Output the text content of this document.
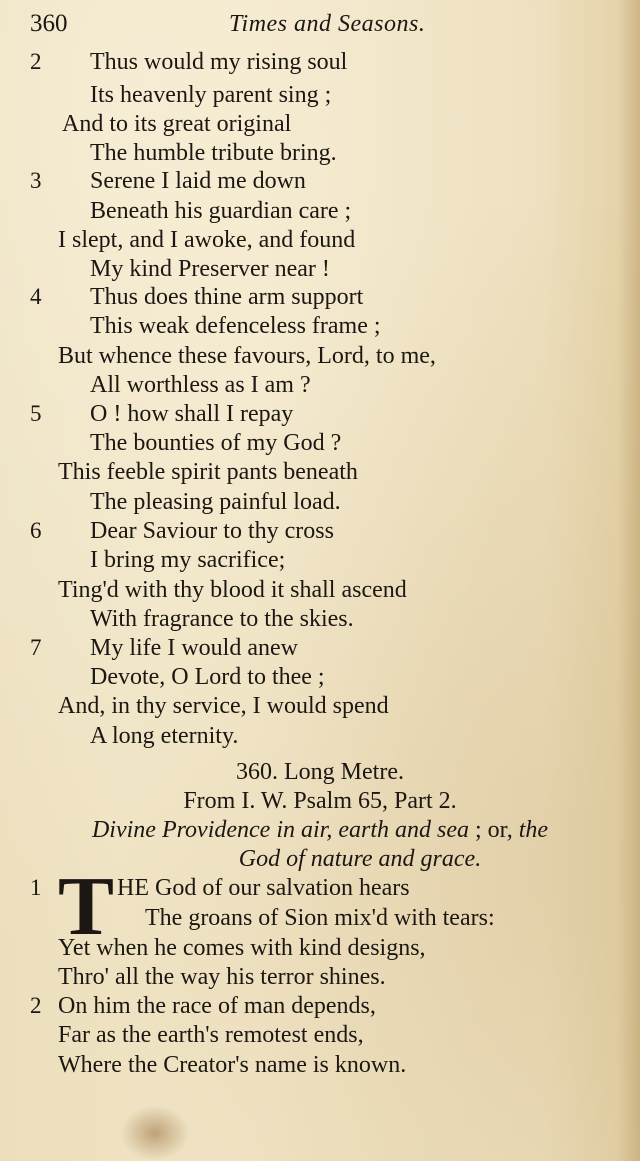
360	Times and Seasons.
2 Thus would my rising soul
Its heavenly parent sing ;
And to its great original
The humble tribute bring.
3 Serene I laid me down
Beneath his guardian care ;
I slept, and I awoke, and found
My kind Preserver near !
4 Thus does thine arm support
This weak defenceless frame ;
But whence these favours, Lord, to me,
All worthless as I am ?
5 O ! how shall I repay
The bounties of my God ?
This feeble spirit pants beneath
The pleasing painful load.
6 Dear Saviour to thy cross
I bring my sacrifice;
Ting'd with thy blood it shall ascend
With fragrance to the skies.
7 My life I would anew
Devote, O Lord to thee ;
And, in thy service, I would spend
A long eternity.
360. Long Metre.
From I. W. Psalm 65, Part 2.
Divine Providence in air, earth and sea ; or, the
God of nature and grace.
1 T HE God of our salvation hears
The groans of Sion mix'd with tears:
Yet when he comes with kind designs,
Thro' all the way his terror shines.
2 On him the race of man depends,
Far as the earth's remotest ends,
Where the Creator's name is known.
